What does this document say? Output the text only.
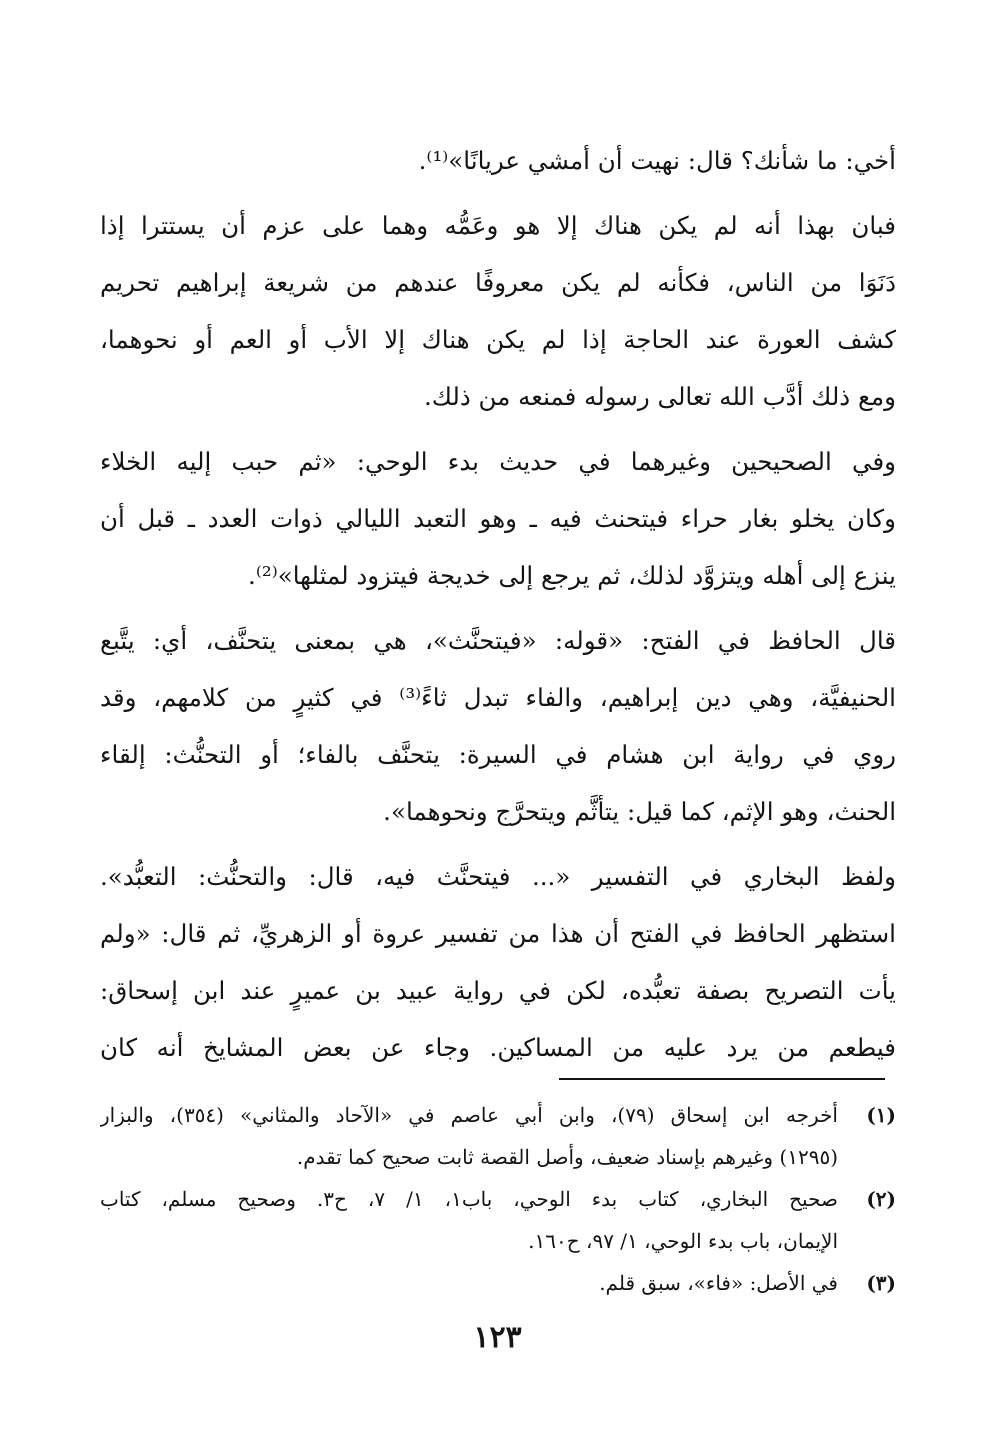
أخي: ما شأنك؟ قال: نهيت أن أمشي عريانًا»⁽¹⁾.
فبان بهذا أنه لم يكن هناك إلا هو وعَمُّه وهما على عزم أن يستترا إذا
دَنَوَا من الناس، فكأنه لم يكن معروفًا عندهم من شريعة إبراهيم تحريم
كشف العورة عند الحاجة إذا لم يكن هناك إلا الأب أو العم أو نحوهما،
ومع ذلك أدَّب الله تعالى رسوله فمنعه من ذلك.
وفي الصحيحين وغيرهما في حديث بدء الوحي: «ثم حبب إليه الخلاء
وكان يخلو بغار حراء فيتحنث فيه ـ وهو التعبد الليالي ذوات العدد ـ قبل أن
ينزع إلى أهله ويتزوَّد لذلك، ثم يرجع إلى خديجة فيتزود لمثلها»⁽²⁾.
قال الحافظ في الفتح: «قوله: «فيتحنَّث»، هي بمعنى يتحنَّف، أي: يتَّبع
الحنيفيَّة، وهي دين إبراهيم، والفاء تبدل ثاءً⁽³⁾ في كثيرٍ من كلامهم، وقد
روي في رواية ابن هشام في السيرة: يتحنَّف بالفاء؛ أو التحنُّث: إلقاء
الحنث، وهو الإثم، كما قيل: يتأثَّم ويتحرَّج ونحوهما».
ولفظ البخاري في التفسير «... فيتحنَّث فيه، قال: والتحنُّث: التعبُّد».
استظهر الحافظ في الفتح أن هذا من تفسير عروة أو الزهريِّ، ثم قال: «ولم
يأت التصريح بصفة تعبُّده، لكن في رواية عبيد بن عميرٍ عند ابن إسحاق:
فيطعم من يرد عليه من المساكين. وجاء عن بعض المشايخ أنه كان
(١)
أخرجه ابن إسحاق (٧٩)، وابن أبي عاصم في «الآحاد والمثاني» (٣٥٤)، والبزار
(١٢٩٥) وغيرهم بإسناد ضعيف، وأصل القصة ثابت صحيح كما تقدم.
(٢)
صحيح البخاري، كتاب بدء الوحي، باب١، ١/ ٧، ح٣. وصحيح مسلم، كتاب
الإيمان، باب بدء الوحي، ١/ ٩٧، ح١٦٠.
(٣)
في الأصل: «فاء»، سبق قلم.
١٢٣
